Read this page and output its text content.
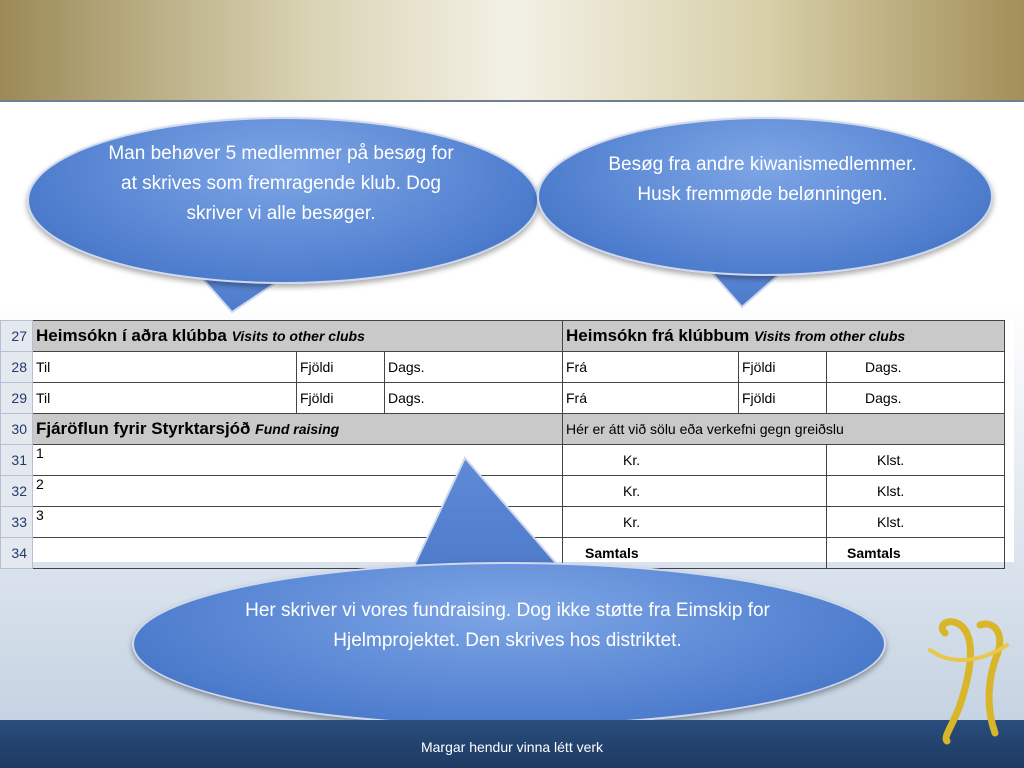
27	Heimsókn í aðra klúbba Visits to other clubs			Heimsókn frá klúbbum Visits from other clubs		
28	Til	Fjöldi	Dags.	Frá	Fjöldi	Dags.
29	Til	Fjöldi	Dags.	Frá	Fjöldi	Dags.
30	Fjáröflun fyrir Styrktarsjóð Fund raising			Hér er átt við sölu eða verkefni gegn greiðslu		
31	1			Kr.		Klst.
32	2			Kr.		Klst.
33	3			Kr.		Klst.
34				Samtals		Samtals
Man behøver 5 medlemmer på besøg for at skrives som fremragende klub. Dog skriver vi alle besøger.
Besøg fra andre kiwanismedlemmer. Husk fremmøde belønningen.
Her skriver vi vores fundraising. Dog ikke støtte fra Eimskip for Hjelmprojektet. Den skrives hos distriktet.
Margar hendur vinna létt verk
